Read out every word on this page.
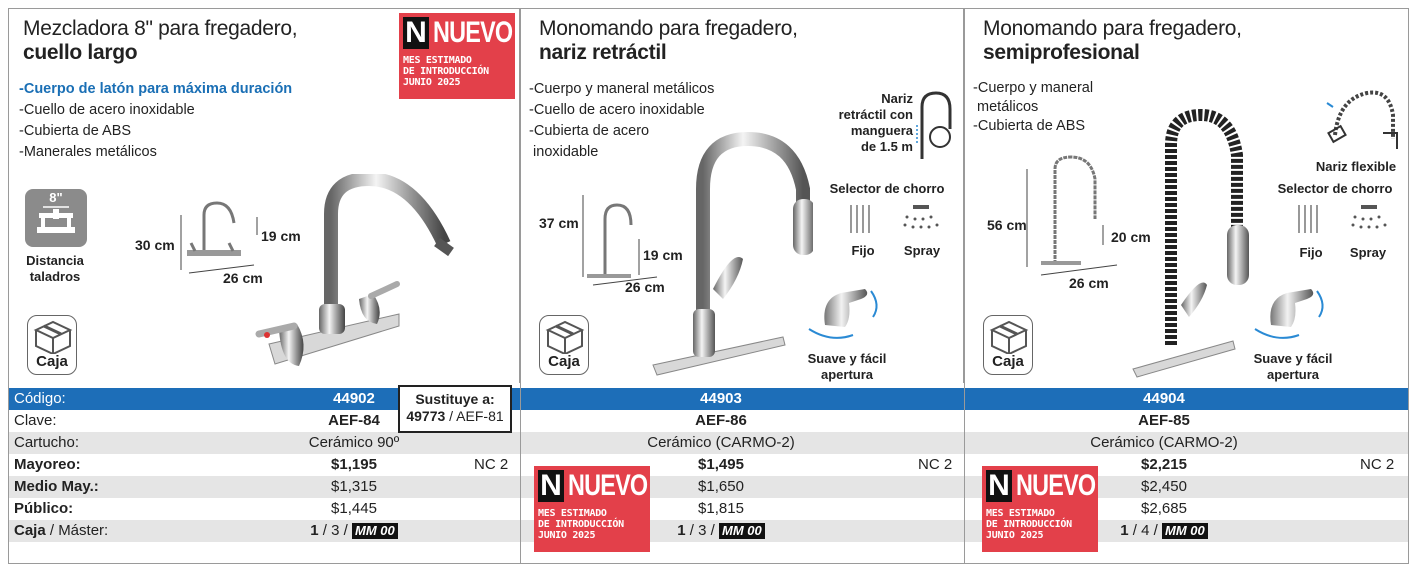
Mezcladora 8" para fregadero,
cuello largo
N NUEVO
MES ESTIMADO
DE INTRODUCCIÓN
JUNIO 2025
-Cuerpo de latón para máxima duración
-Cuello de acero inoxidable
-Cubierta de ABS
-Manerales metálicos
8"
Distancia taladros
Caja
30 cm
19 cm
26 cm
Monomando para fregadero,
nariz retráctil
-Cuerpo y maneral metálicos
-Cuello de acero inoxidable
-Cubierta de acero
inoxidable
Nariz
retráctil con
manguera
de 1.5 m
Selector de chorro
Fijo	Spray
Suave y fácil
apertura
Caja
37 cm
19 cm
26 cm
Monomando para fregadero,
semiprofesional
-Cuerpo y maneral
metálicos
-Cubierta de ABS
Nariz flexible
Selector de chorro
Fijo	Spray
Suave y fácil
apertura
Caja
56 cm
20 cm
26 cm
Código:	44902	44903	44904
Clave:	AEF-84	AEF-86	AEF-85
Cartucho:	Cerámico 90º	Cerámico (CARMO-2)	Cerámico (CARMO-2)
Mayoreo:	$1,195	NC 2	$1,495	NC 2	$2,215	NC 2
Medio May.:	$1,315	$1,650	$2,450
Público:	$1,445	$1,815	$2,685
Caja / Máster:	1 / 3 / MM 00	1 / 3 / MM 00	1 / 4 / MM 00
Sustituye a:
49773 / AEF-81
N NUEVO
MES ESTIMADO
DE INTRODUCCIÓN
JUNIO 2025
N NUEVO
MES ESTIMADO
DE INTRODUCCIÓN
JUNIO 2025
